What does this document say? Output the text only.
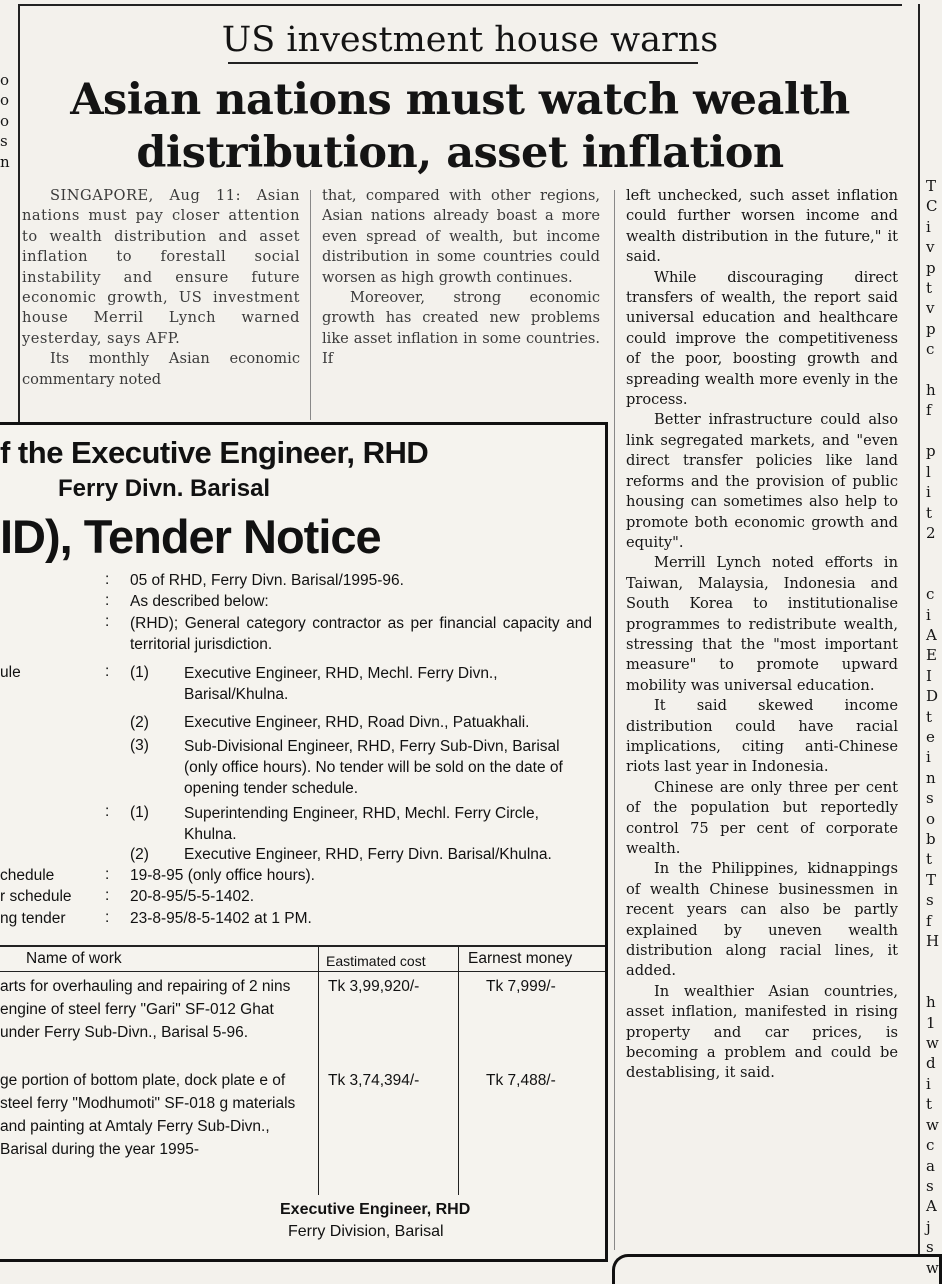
o
o
o
s
n
US investment house warns
Asian nations must watch wealth
distribution, asset inflation

SINGAPORE, Aug 11: Asian nations must pay closer attention to wealth distribution and asset inflation to forestall social instability and ensure future economic growth, US investment house Merril Lynch warned yesterday, says AFP.

Its monthly Asian economic commentary noted

that, compared with other regions, Asian nations already boast a more even spread of wealth, but income distribution in some countries could worsen as high growth continues.

Moreover, strong economic growth has created new problems like asset inflation in some countries. If

left unchecked, such asset inflation could further worsen income and wealth distribution in the future," it said.

While discouraging direct transfers of wealth, the report said universal education and healthcare could improve the competitiveness of the poor, boosting growth and spreading wealth more evenly in the process.

Better infrastructure could also link segregated markets, and "even direct transfer policies like land reforms and the provision of public housing can sometimes also help to promote both economic growth and equity".

Merrill Lynch noted efforts in Taiwan, Malaysia, Indonesia and South Korea to institutionalise programmes to redistribute wealth, stressing that the "most important measure" to promote upward mobility was universal education.

It said skewed income distribution could have racial implications, citing anti-Chinese riots last year in Indonesia.

Chinese are only three per cent of the population but reportedly control 75 per cent of corporate wealth.

In the Philippines, kidnappings of wealth Chinese businessmen in recent years can also be partly explained by uneven wealth distribution along racial lines, it added.

In wealthier Asian countries, asset inflation, manifested in rising property and car prices, is becoming a problem and could be destablising, it said.

T
C
i
v
p
t
v
p
c

h
f

p
l
i
t
2

c
i
A
E
I
D
t
e
i
n
s
o
b
t
T
s
f
H

h
1
w
d
i
t
w
c
a
s
A
j
s
w
f the Executive Engineer, RHD
Ferry Divn. Barisal
ID), Tender Notice
: 05 of RHD, Ferry Divn. Barisal/1995-96.
: As described below:
: (RHD); General category contractor as per financial capacity and territorial jurisdiction.
ule	: (1) Executive Engineer, RHD, Mechl. Ferry Divn., Barisal/Khulna.
(2) Executive Engineer, RHD, Road Divn., Patuakhali.
(3) Sub-Divisional Engineer, RHD, Ferry Sub-Divn, Barisal (only office hours). No tender will be sold on the date of opening tender schedule.
: (1) Superintending Engineer, RHD, Mechl. Ferry Circle, Khulna.
(2) Executive Engineer, RHD, Ferry Divn. Barisal/Khulna.
chedule	: 19-8-95 (only office hours).
r schedule : 20-8-95/5-5-1402.
ng tender	: 23-8-95/8-5-1402 at 1 PM.
Name of work	Eastimated cost	Earnest money
arts for overhauling and repairing of 2 nins engine of steel ferry "Gari" SF-012 Ghat under Ferry Sub-Divn., Barisal 5-96.
Tk 3,99,920/-	Tk 7,999/-
ge portion of bottom plate, dock plate e of steel ferry "Modhumoti" SF-018 g materials and painting at Amtaly Ferry Sub-Divn., Barisal during the year 1995-
Tk 3,74,394/-	Tk 7,488/-
Executive Engineer, RHD
Ferry Division, Barisal
